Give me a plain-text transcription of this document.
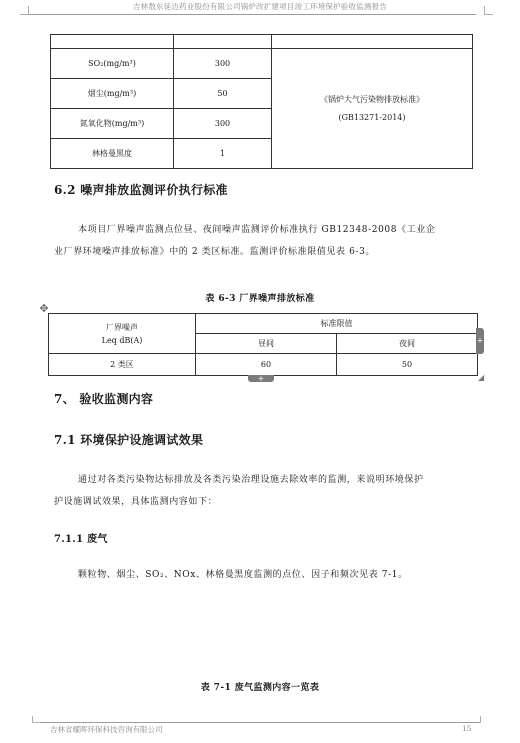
吉林敖东延边药业股份有限公司锅炉改扩建项目竣工环境保护验收监测报告

SO₂(mg/m³)	300	《锅炉大气污染物排放标准》
(GB13271-2014)

烟尘(mg/m³)	50	
氮氧化物(mg/m³)	300	
林格曼黑度	1	
6.2 噪声排放监测评价执行标准
本项目厂界噪声监测点位昼、夜间噪声监测评价标准执行 GB12348-2008《工业企
业厂界环境噪声排放标准》中的 2 类区标准。监测评价标准限值见表 6-3。
表 6-3 厂界噪声排放标准
✥
厂界噪声
Leq dB(A)	标准限值	
	昼间	夜间
2 类区	60	50
+
+	◢
7、 验收监测内容
7.1 环境保护设施调试效果
通过对各类污染物达标排放及各类污染治理设施去除效率的监测，来说明环境保护
护设施调试效果，具体监测内容如下：
7.1.1 废气
颗粒物、烟尘、SO₂、NOx、林格曼黑度监测的点位、因子和频次见表 7-1。
表 7-1 废气监测内容一览表
吉林省耀晖环保科技咨询有限公司	15
